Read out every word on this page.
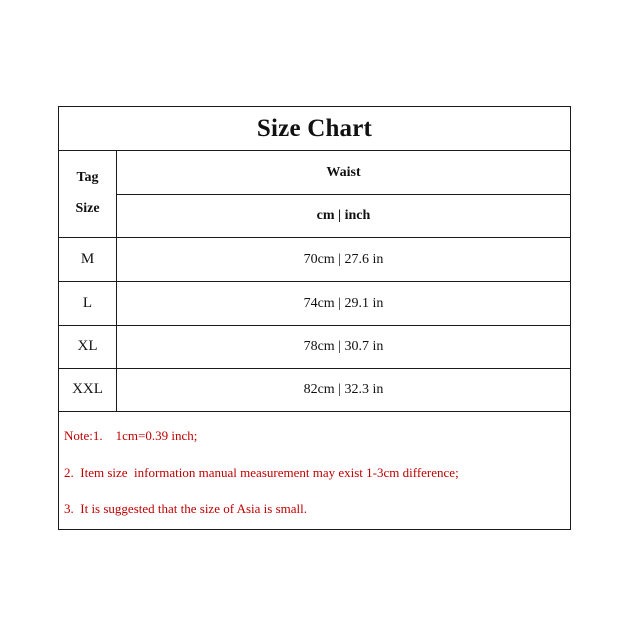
Size Chart
Tag
Size
Waist
cm | inch
M	70cm | 27.6 in
L	74cm | 29.1 in
XL	78cm | 30.7 in
XXL	82cm | 32.3 in
Note:1.    1cm=0.39 inch;
2.  Item size  information manual measurement may exist 1-3cm difference;
3.  It is suggested that the size of Asia is small.
